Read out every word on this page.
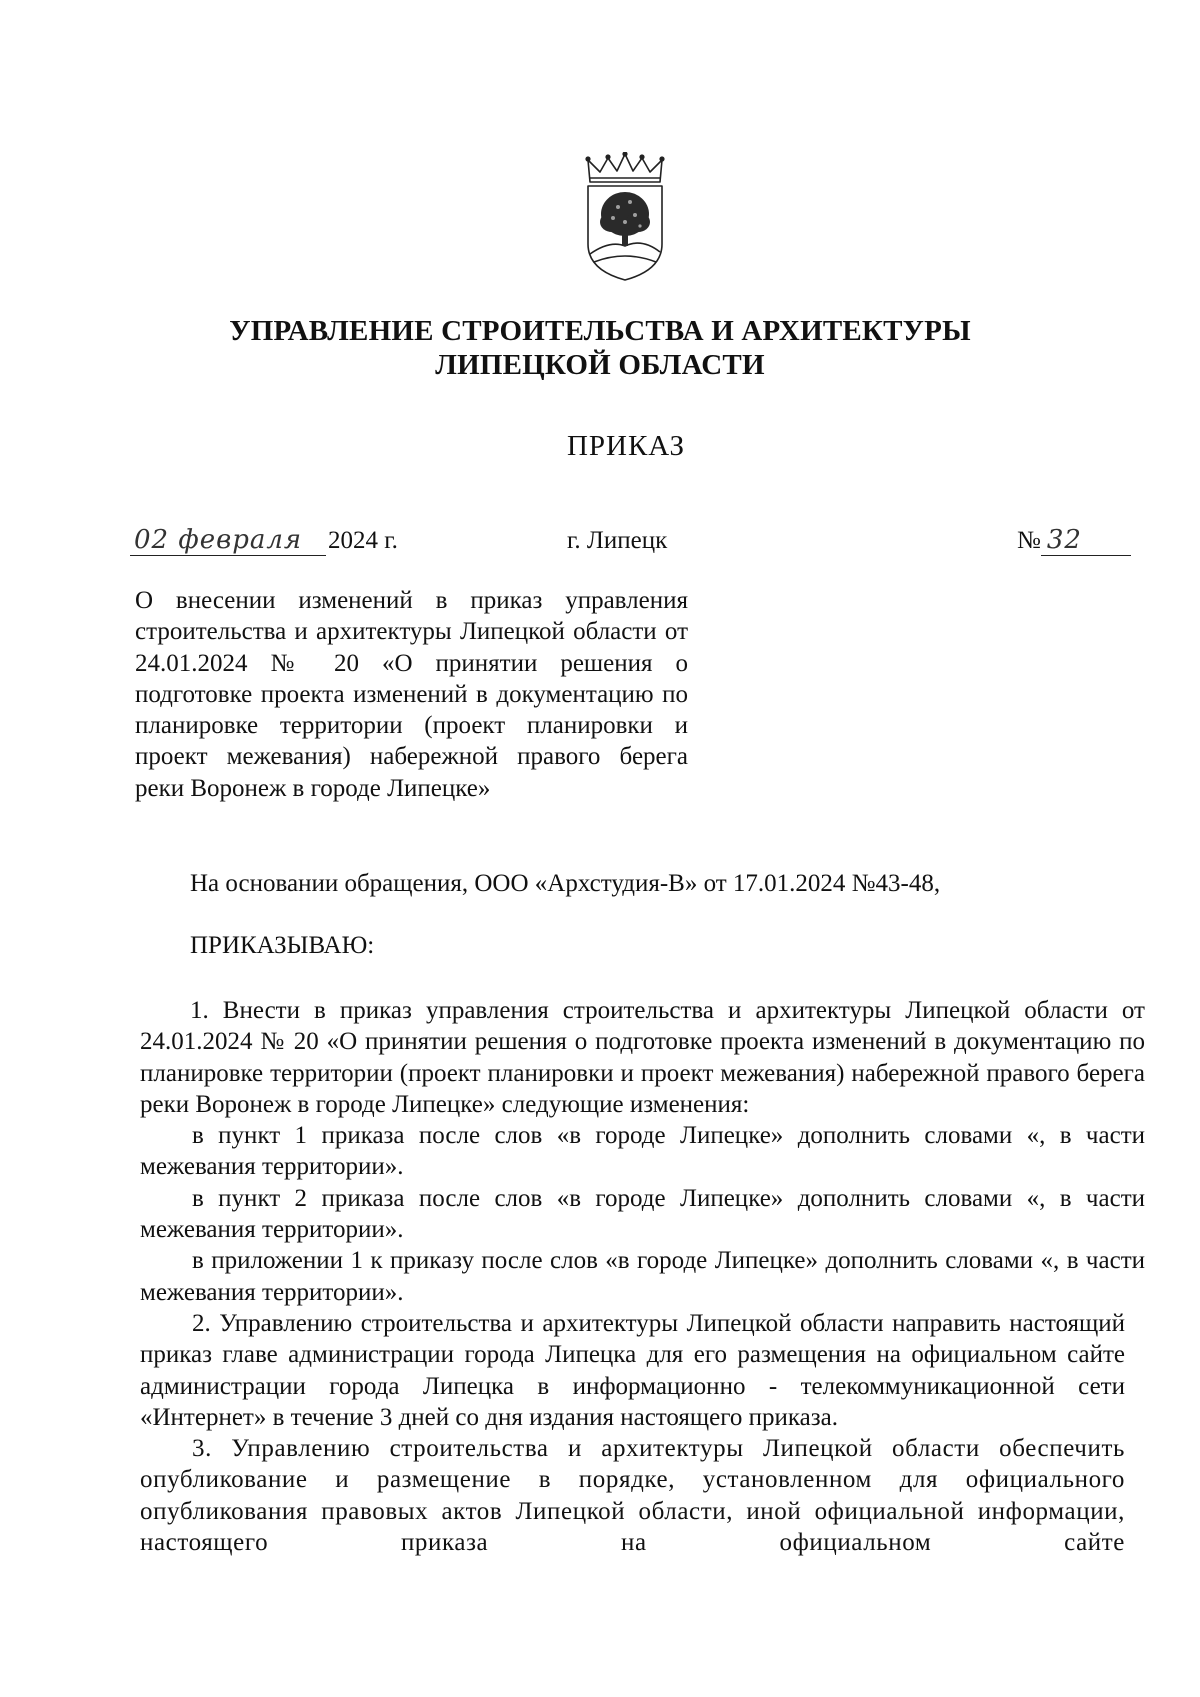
УПРАВЛЕНИЕ СТРОИТЕЛЬСТВА И АРХИТЕКТУРЫ
ЛИПЕЦКОЙ ОБЛАСТИ
ПРИКАЗ
02 февраля 2024 г.	г. Липецк	№ 32
О внесении изменений в приказ управления строительства и архитектуры Липецкой области от 24.01.2024 № 20 «О принятии решения о подготовке проекта изменений в документацию по планировке территории (проект планировки и проект межевания) набережной правого берега реки Воронеж в городе Липецке»
На основании обращения, ООО «Архстудия-В» от 17.01.2024 №43-48,
ПРИКАЗЫВАЮ:

1. Внести в приказ управления строительства и архитектуры Липецкой области от 24.01.2024 № 20 «О принятии решения о подготовке проекта изменений в документацию по планировке территории (проект планировки и проект межевания) набережной правого берега реки Воронеж в городе Липецке» следующие изменения:

в пункт 1 приказа после слов «в городе Липецке» дополнить словами «, в части межевания территории».

в пункт 2 приказа после слов «в городе Липецке» дополнить словами «, в части межевания территории».

в приложении 1 к приказу после слов «в городе Липецке» дополнить словами «, в части межевания территории».

2. Управлению строительства и архитектуры Липецкой области направить настоящий приказ главе администрации города Липецка для его размещения на официальном сайте администрации города Липецка в информационно - телекоммуникационной сети «Интернет» в течение 3 дней со дня издания настоящего приказа.

3. Управлению строительства и архитектуры Липецкой области обеспечить опубликование и размещение в порядке, установленном для официального опубликования правовых актов Липецкой области, иной официальной информации, настоящего приказа на официальном сайте
